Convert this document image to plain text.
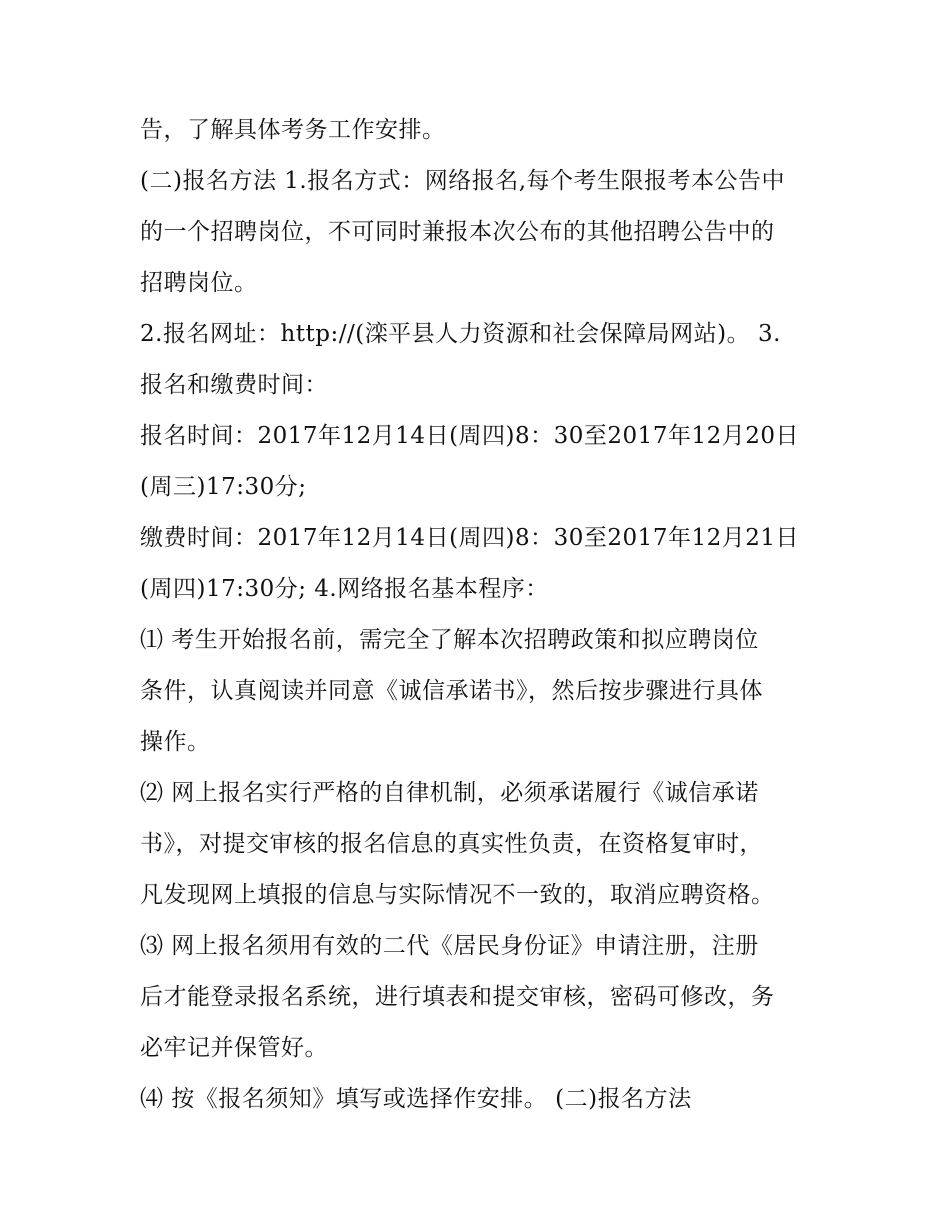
告，了解具体考务工作安排。
(二)报名方法 1.报名方式：网络报名,每个考生限报考本公告中
的一个招聘岗位，不可同时兼报本次公布的其他招聘公告中的
招聘岗位。
2.报名网址：http://(滦平县人力资源和社会保障局网站)。 3.
报名和缴费时间：
报名时间：2017年12月14日(周四)8：30至2017年12月20日
(周三)17:30分;
缴费时间：2017年12月14日(周四)8：30至2017年12月21日
(周四)17:30分; 4.网络报名基本程序：
⑴ 考生开始报名前，需完全了解本次招聘政策和拟应聘岗位
条件，认真阅读并同意《诚信承诺书》，然后按步骤进行具体
操作。
⑵ 网上报名实行严格的自律机制，必须承诺履行《诚信承诺
书》，对提交审核的报名信息的真实性负责，在资格复审时，
凡发现网上填报的信息与实际情况不一致的，取消应聘资格。
⑶ 网上报名须用有效的二代《居民身份证》申请注册，注册
后才能登录报名系统，进行填表和提交审核，密码可修改，务
必牢记并保管好。
⑷ 按《报名须知》填写或选择作安排。 (二)报名方法
